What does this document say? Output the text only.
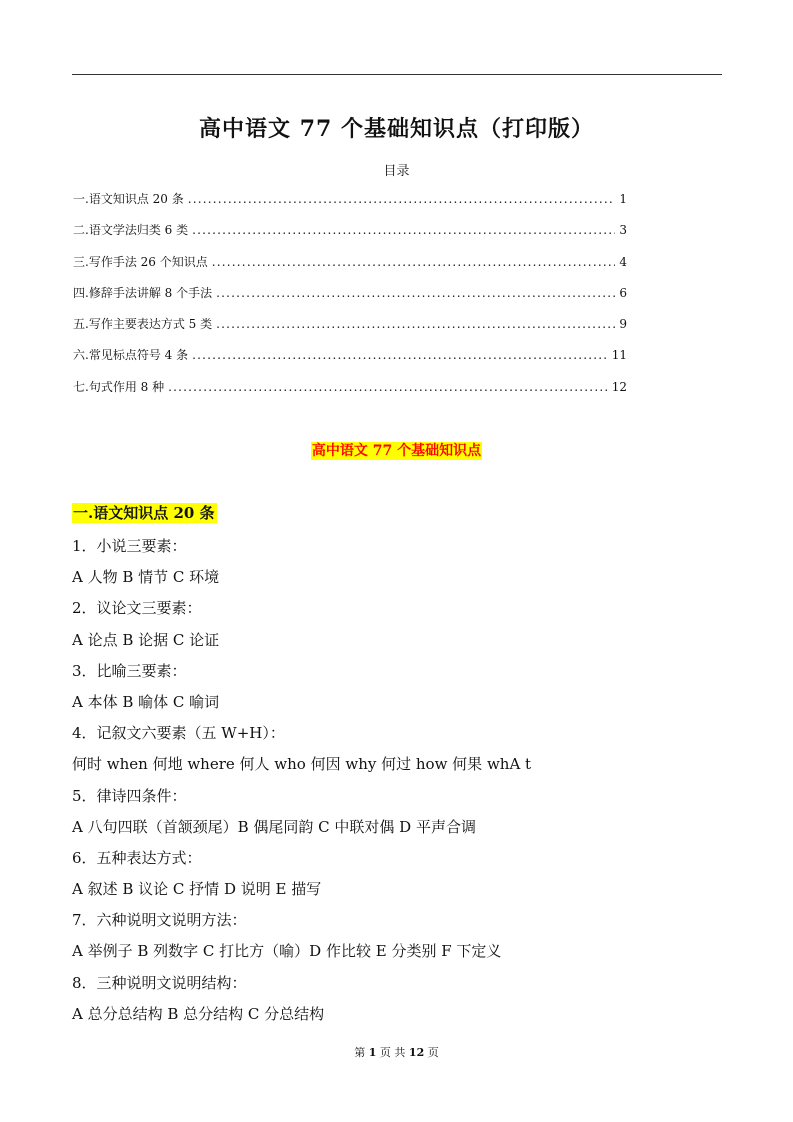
高中语文 77 个基础知识点（打印版）
目录
一.语文知识点 20 条 .....	1
二.语文学法归类 6 类 .....	3
三.写作手法 26 个知识点 .....	4
四.修辞手法讲解 8 个手法 .....	6
五.写作主要表达方式 5 类 .....	9
六.常见标点符号 4 条 .....	11
七.句式作用 8 种 .....	12
高中语文 77 个基础知识点
一.语文知识点 20 条
1．小说三要素：
A 人物 B 情节 C 环境
2．议论文三要素：
A 论点 B 论据 C 论证
3．比喻三要素：
A 本体 B 喻体 C 喻词
4．记叙文六要素（五 W+H）：
何时 when 何地 where 何人 who 何因 why 何过 how 何果 whA t
5．律诗四条件：
A 八句四联（首颔颈尾）B 偶尾同韵 C 中联对偶 D 平声合调
6．五种表达方式：
A 叙述 B 议论 C 抒情 D 说明 E 描写
7．六种说明文说明方法：
A 举例子 B 列数字 C 打比方（喻）D 作比较 E 分类别 F 下定义
8．三种说明文说明结构：
A 总分总结构 B 总分结构 C 分总结构
第 1 页 共 12 页
